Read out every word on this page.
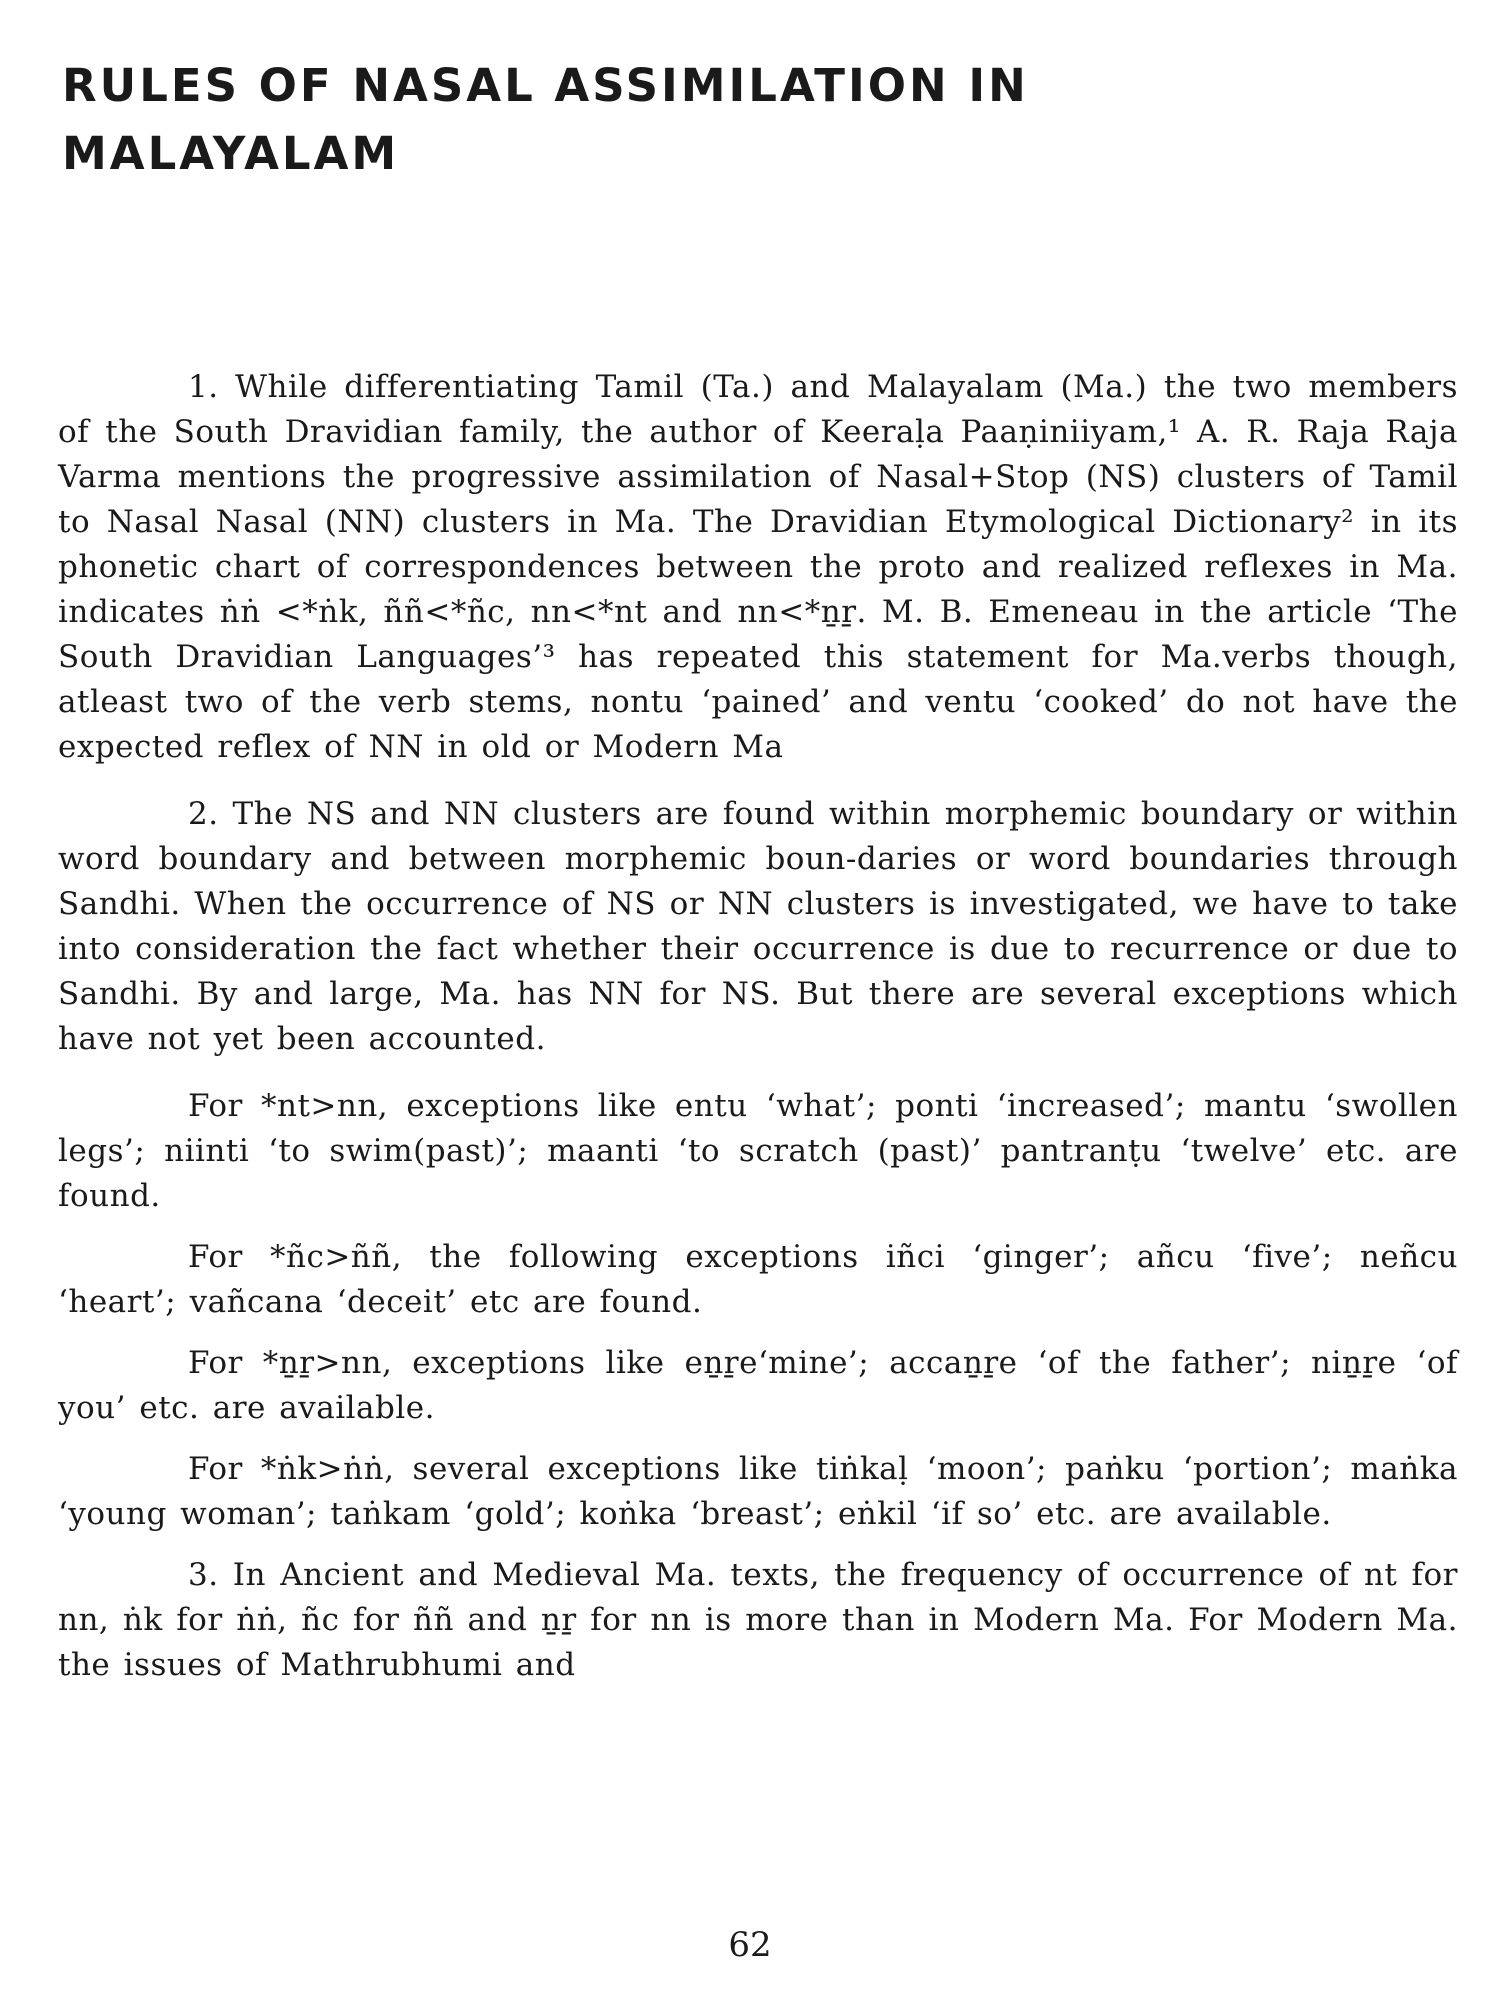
RULES OF NASAL ASSIMILATION IN
MALAYALAM

1. While differentiating Tamil (Ta.) and Malayalam (Ma.) the two members of the South Dravidian family, the author of Keeraḷa Paaṇiniiyam,¹ A. R. Raja Raja Varma mentions the progressive assimilation of Nasal+Stop (NS) clusters of Tamil to Nasal Nasal (NN) clusters in Ma. The Dravidian Etymological Dictionary² in its phonetic chart of correspondences between the proto and realized reflexes in Ma. indicates ṅṅ <*ṅk, ññ<*ñc, nn<*nt and nn<*ṉṟ. M. B. Emeneau in the article ‘The South Dravidian Languages’³ has repeated this statement for Ma.verbs though, atleast two of the verb stems, nontu ‘pained’ and ventu ‘cooked’ do not have the expected reflex of NN in old or Modern Ma

2. The NS and NN clusters are found within morphemic boundary or within word boundary and between morphemic boun-daries or word boundaries through Sandhi. When the occurrence of NS or NN clusters is investigated, we have to take into consideration the fact whether their occurrence is due to recurrence or due to Sandhi. By and large, Ma. has NN for NS. But there are several exceptions which have not yet been accounted.

For *nt>nn, exceptions like entu ‘what’; ponti ‘increased’; mantu ‘swollen legs’; niinti ‘to swim(past)’; maanti ‘to scratch (past)’ pantranṭu ‘twelve’ etc. are found.

For *ñc>ññ, the following exceptions iñci ‘ginger’; añcu ‘five’; neñcu ‘heart’; vañcana ‘deceit’ etc are found.

For *ṉṟ>nn, exceptions like eṉṟe‘mine’; accaṉṟe ‘of the father’; niṉṟe ‘of you’ etc. are available.

For *ṅk>ṅṅ, several exceptions like tiṅkaḷ ‘moon’; paṅku ‘portion’; maṅka ‘young woman’; taṅkam ‘gold’; koṅka ‘breast’; eṅkil ‘if so’ etc. are available.

3. In Ancient and Medieval Ma. texts, the frequency of occurrence of nt for nn, ṅk for ṅṅ, ñc for ññ and ṉṟ for nn is more than in Modern Ma. For Modern Ma. the issues of Mathrubhumi and

62
